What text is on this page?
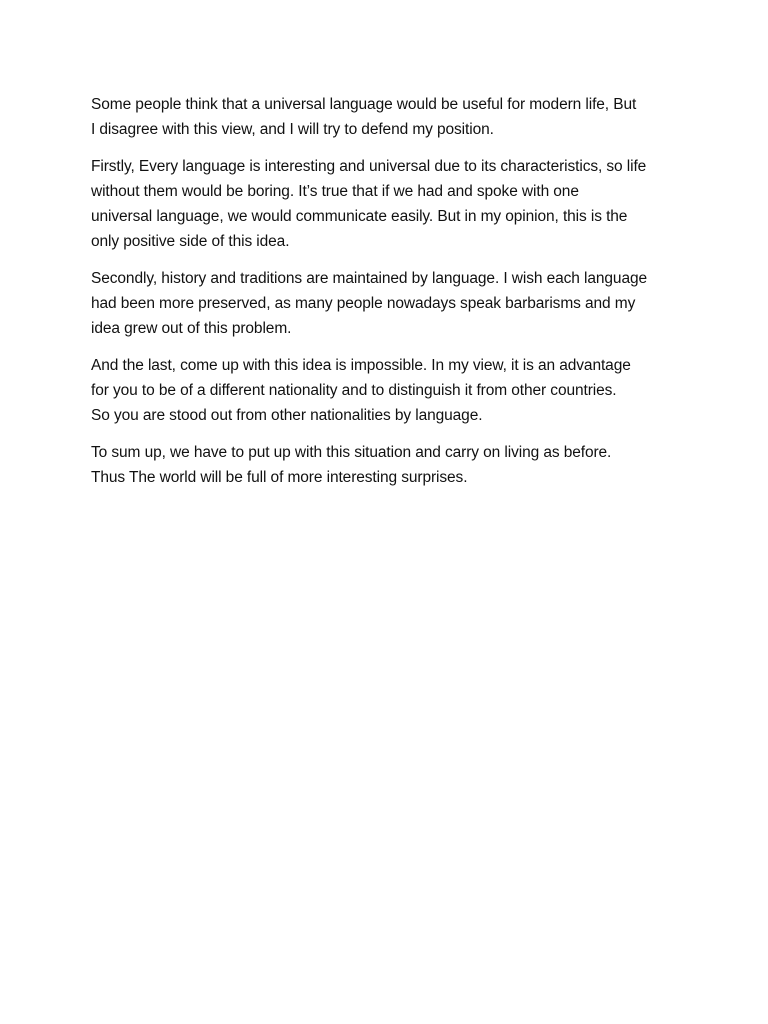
Some people think that a universal language would be useful for modern life, But
I disagree with this view, and I will try to defend my position.

Firstly, Every language is interesting and universal due to its characteristics, so life
without them would be boring. It’s true that if we had and spoke with one
universal language, we would communicate easily. But in my opinion, this is the
only positive side of this idea.

Secondly, history and traditions are maintained by language. I wish each language
had been more preserved, as many people nowadays speak barbarisms and my
idea grew out of this problem.

And the last, come up with this idea is impossible. In my view, it is an advantage
for you to be of a different nationality and to distinguish it from other countries.
So you are stood out from other nationalities by language.

To sum up, we have to put up with this situation and carry on living as before.
Thus The world will be full of more interesting surprises.
